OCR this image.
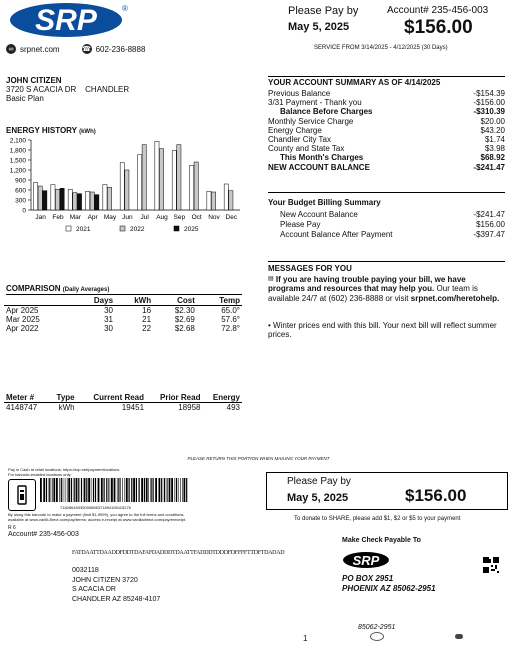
SRP	®
∞ srpnet.com	☎ 602-236-8888
Please Pay by
May 5, 2025
Account# 235-456-003
$156.00
SERVICE FROM 3/14/2025 - 4/12/2025 (30 Days)
JOHN CITIZEN
3720 S ACACIA DR CHANDLER
Basic Plan
ENERGY HISTORY (kWh)
2,100
1,800
1,500
1,200
900
600
300
0
Jan Feb Mar Apr May Jun Jul Aug Sep Oct Nov Dec
2021	2022	2025
COMPARISON (Daily Averages)
	Days	kWh	Cost	Temp
Apr 2025	30	16	$2.30	65.0°
Mar 2025	31	21	$2.69	57.6°
Apr 2022	30	22	$2.68	72.8°
Meter #	Type	Current Read	Prior Read	Energy
4148747	kWh	19451	18958	493
YOUR ACCOUNT SUMMARY AS OF 4/14/2025
Previous Balance	-$154.39
3/31 Payment - Thank you	-$156.00
Balance Before Charges	-$310.39
Monthly Service Charge	$20.00
Energy Charge	$43.20
Chandler City Tax	$1.74
County and State Tax	$3.98
This Month's Charges	$68.92
NEW ACCOUNT BALANCE	-$241.47
Your Budget Billing Summary
New Account Balance	-$241.47
Please Pay	$156.00
Account Balance After Payment	-$397.47
MESSAGES FOR YOU
▤ If you are having trouble paying your bill, we have programs and resources that may help you. Our team is available 24/7 at (602) 236-8888 or visit srpnet.com/heretohelp.
• Winter prices end with this bill. Your next bill will reflect summer prices.
PLEASE RETURN THIS PORTION WHEN MAILING YOUR PAYMENT
Pay in Cash at retail locations: https://srp.net/paymentlocations
For barcode-enabled locations only:
71828645335000856371894155115276
By using this barcode to make a payment (limit $1-9999), you agree to the full terms and conditions,
available at www.vanillادirect.com/pay/terms; access e-receipt at www.vanilladirect.com/pay/ereceipt.
R 6
Account# 235-456-003
Please Pay by
May 5, 2025	$156.00
To donate to SHARE, please add $1, $2 or $5 to your payment
Make Check Payable To
SRP
PO BOX 2951
PHOENIX AZ 85062-2951
FATDAATTDAADDFDDTDAFAFDADDDTDAATTFADDDTDDDFDFFFFTTDFTDADAD
0032118
JOHN CITIZEN 3720
S ACACIA DR
CHANDLER AZ 85248-4107
85062-2951
1
